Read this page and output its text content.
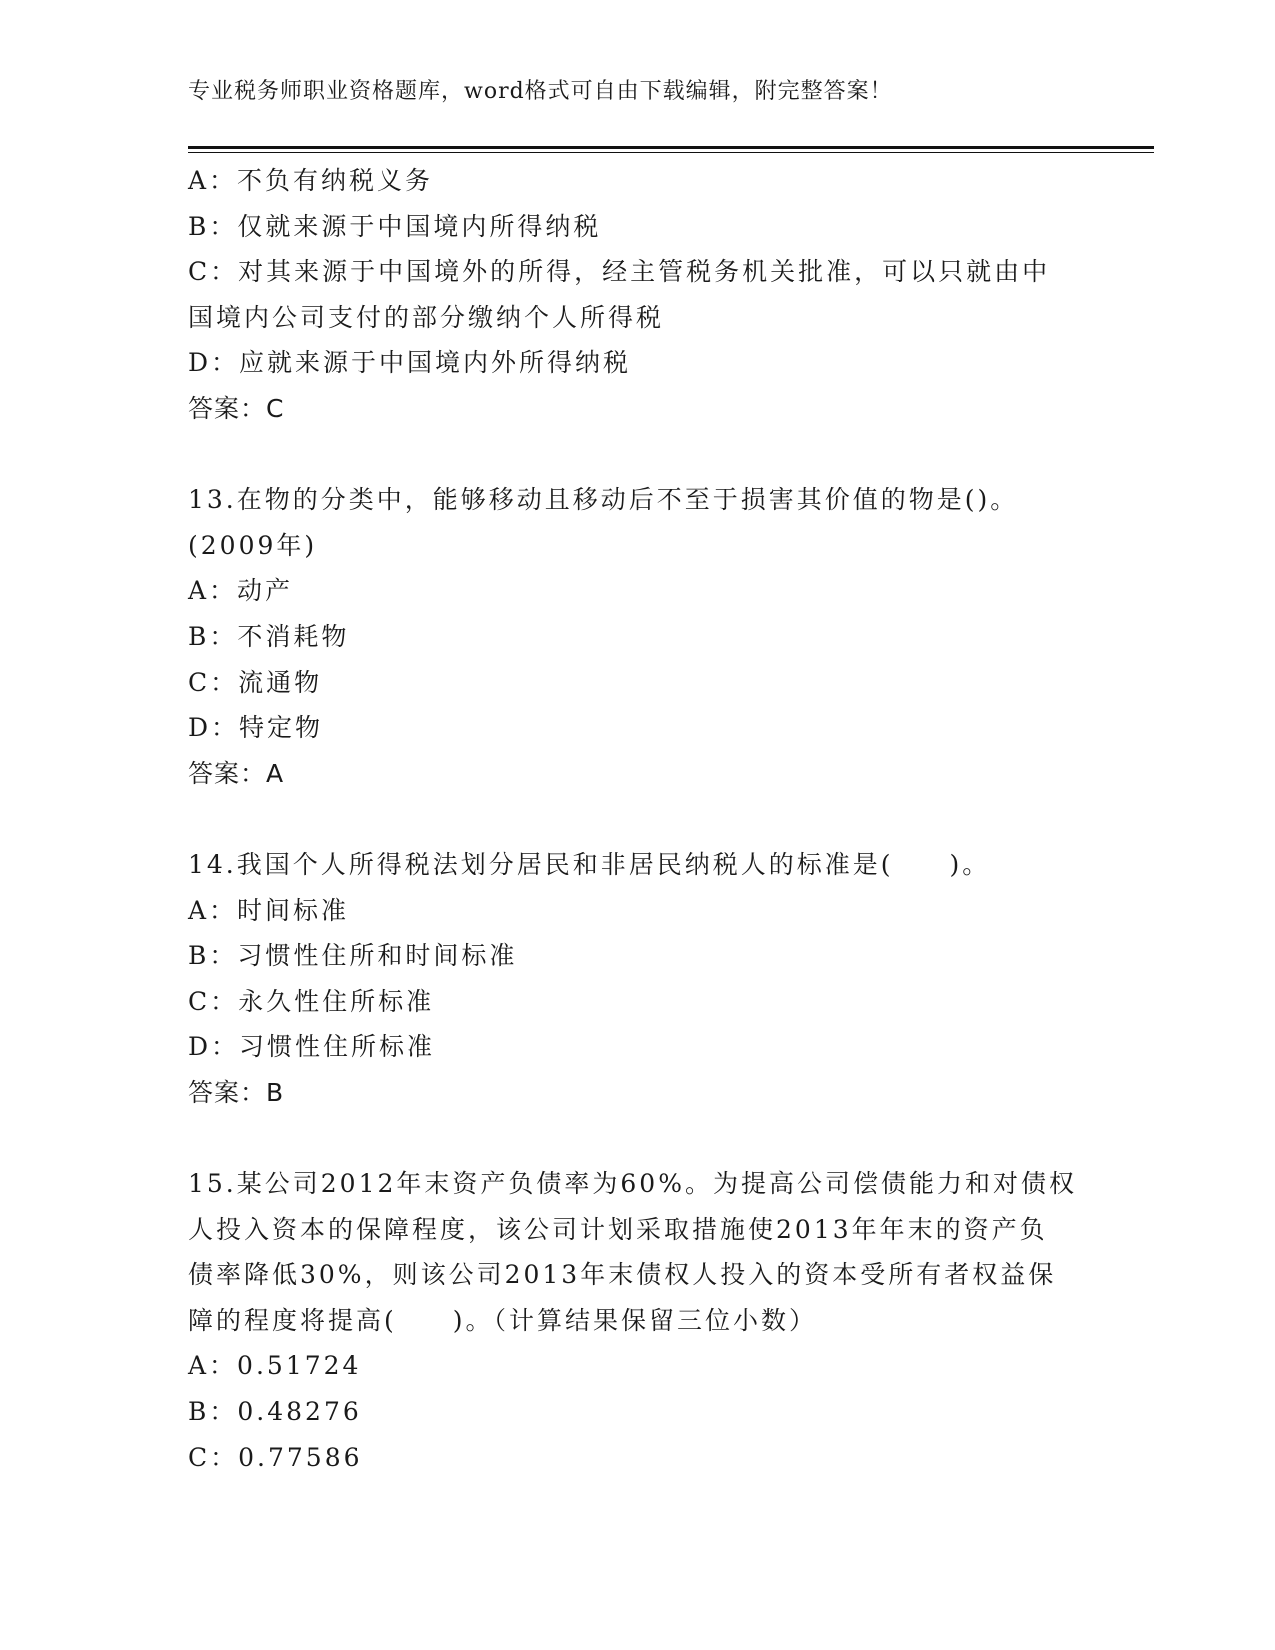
专业税务师职业资格题库，word格式可自由下载编辑，附完整答案！
A：不负有纳税义务
B：仅就来源于中国境内所得纳税
C：对其来源于中国境外的所得，经主管税务机关批准，可以只就由中
国境内公司支付的部分缴纳个人所得税
D：应就来源于中国境内外所得纳税
答案：C
13.在物的分类中，能够移动且移动后不至于损害其价值的物是()。
(2009年)
A：动产
B：不消耗物
C：流通物
D：特定物
答案：A
14.我国个人所得税法划分居民和非居民纳税人的标准是(　　)。
A：时间标准
B：习惯性住所和时间标准
C：永久性住所标准
D：习惯性住所标准
答案：B
15.某公司2012年末资产负债率为60%。为提高公司偿债能力和对债权
人投入资本的保障程度，该公司计划采取措施使2013年年末的资产负
债率降低30%，则该公司2013年末债权人投入的资本受所有者权益保
障的程度将提高(　　)。（计算结果保留三位小数）
A：0.51724
B：0.48276
C：0.77586
